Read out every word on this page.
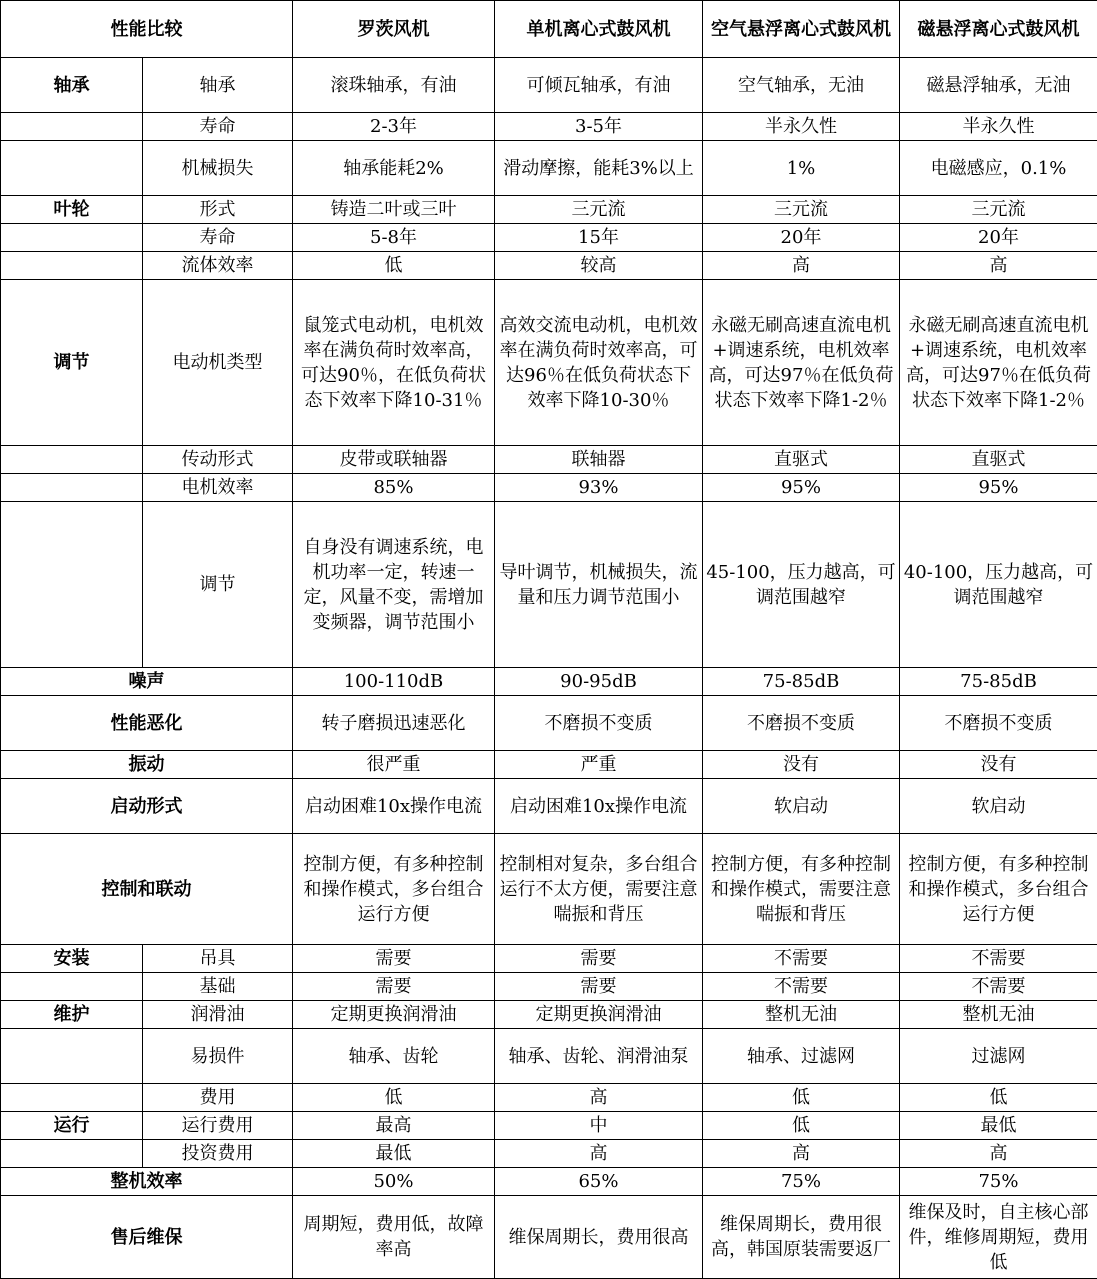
性能比较		罗茨风机	单机离心式鼓风机	空气悬浮离心式鼓风机	磁悬浮离心式鼓风机
轴承	轴承	滚珠轴承，有油	可倾瓦轴承，有油	空气轴承，无油	磁悬浮轴承，无油
	寿命	2-3年	3-5年	半永久性	半永久性
	机械损失	轴承能耗2%	滑动摩擦，能耗3%以上	1%	电磁感应，0.1%
叶轮	形式	铸造二叶或三叶	三元流	三元流	三元流
	寿命	5-8年	15年	20年	20年
	流体效率	低	较高	高	高
调节	电动机类型	鼠笼式电动机，电机效率在满负荷时效率高，可达90％，在低负荷状态下效率下降10-31％	高效交流电动机，电机效率在满负荷时效率高，可达96％在低负荷状态下效率下降10-30％	永磁无刷高速直流电机+调速系统，电机效率高，可达97％在低负荷状态下效率下降1-2％	永磁无刷高速直流电机+调速系统，电机效率高，可达97％在低负荷状态下效率下降1-2％
	传动形式	皮带或联轴器	联轴器	直驱式	直驱式
	电机效率	85%	93%	95%	95%
	调节	自身没有调速系统，电机功率一定，转速一定，风量不变，需增加变频器，调节范围小	导叶调节，机械损失，流量和压力调节范围小	45-100，压力越高，可调范围越窄	40-100，压力越高，可调范围越窄
噪声		100-110dB	90-95dB	75-85dB	75-85dB
性能恶化		转子磨损迅速恶化	不磨损不变质	不磨损不变质	不磨损不变质
振动		很严重	严重	没有	没有
启动形式		启动困难10x操作电流	启动困难10x操作电流	软启动	软启动
控制和联动		控制方便，有多种控制和操作模式，多台组合运行方便	控制相对复杂，多台组合运行不太方便，需要注意喘振和背压	控制方便，有多种控制和操作模式，需要注意喘振和背压	控制方便，有多种控制和操作模式，多台组合运行方便
安装	吊具	需要	需要	不需要	不需要
	基础	需要	需要	不需要	不需要
维护	润滑油	定期更换润滑油	定期更换润滑油	整机无油	整机无油
	易损件	轴承、齿轮	轴承、齿轮、润滑油泵	轴承、过滤网	过滤网
	费用	低	高	低	低
运行	运行费用	最高	中	低	最低
	投资费用	最低	高	高	高
整机效率		50%	65%	75%	75%
售后维保		周期短，费用低，故障率高	维保周期长，费用很高	维保周期长，费用很高，韩国原装需要返厂	维保及时，自主核心部件，维修周期短，费用低
